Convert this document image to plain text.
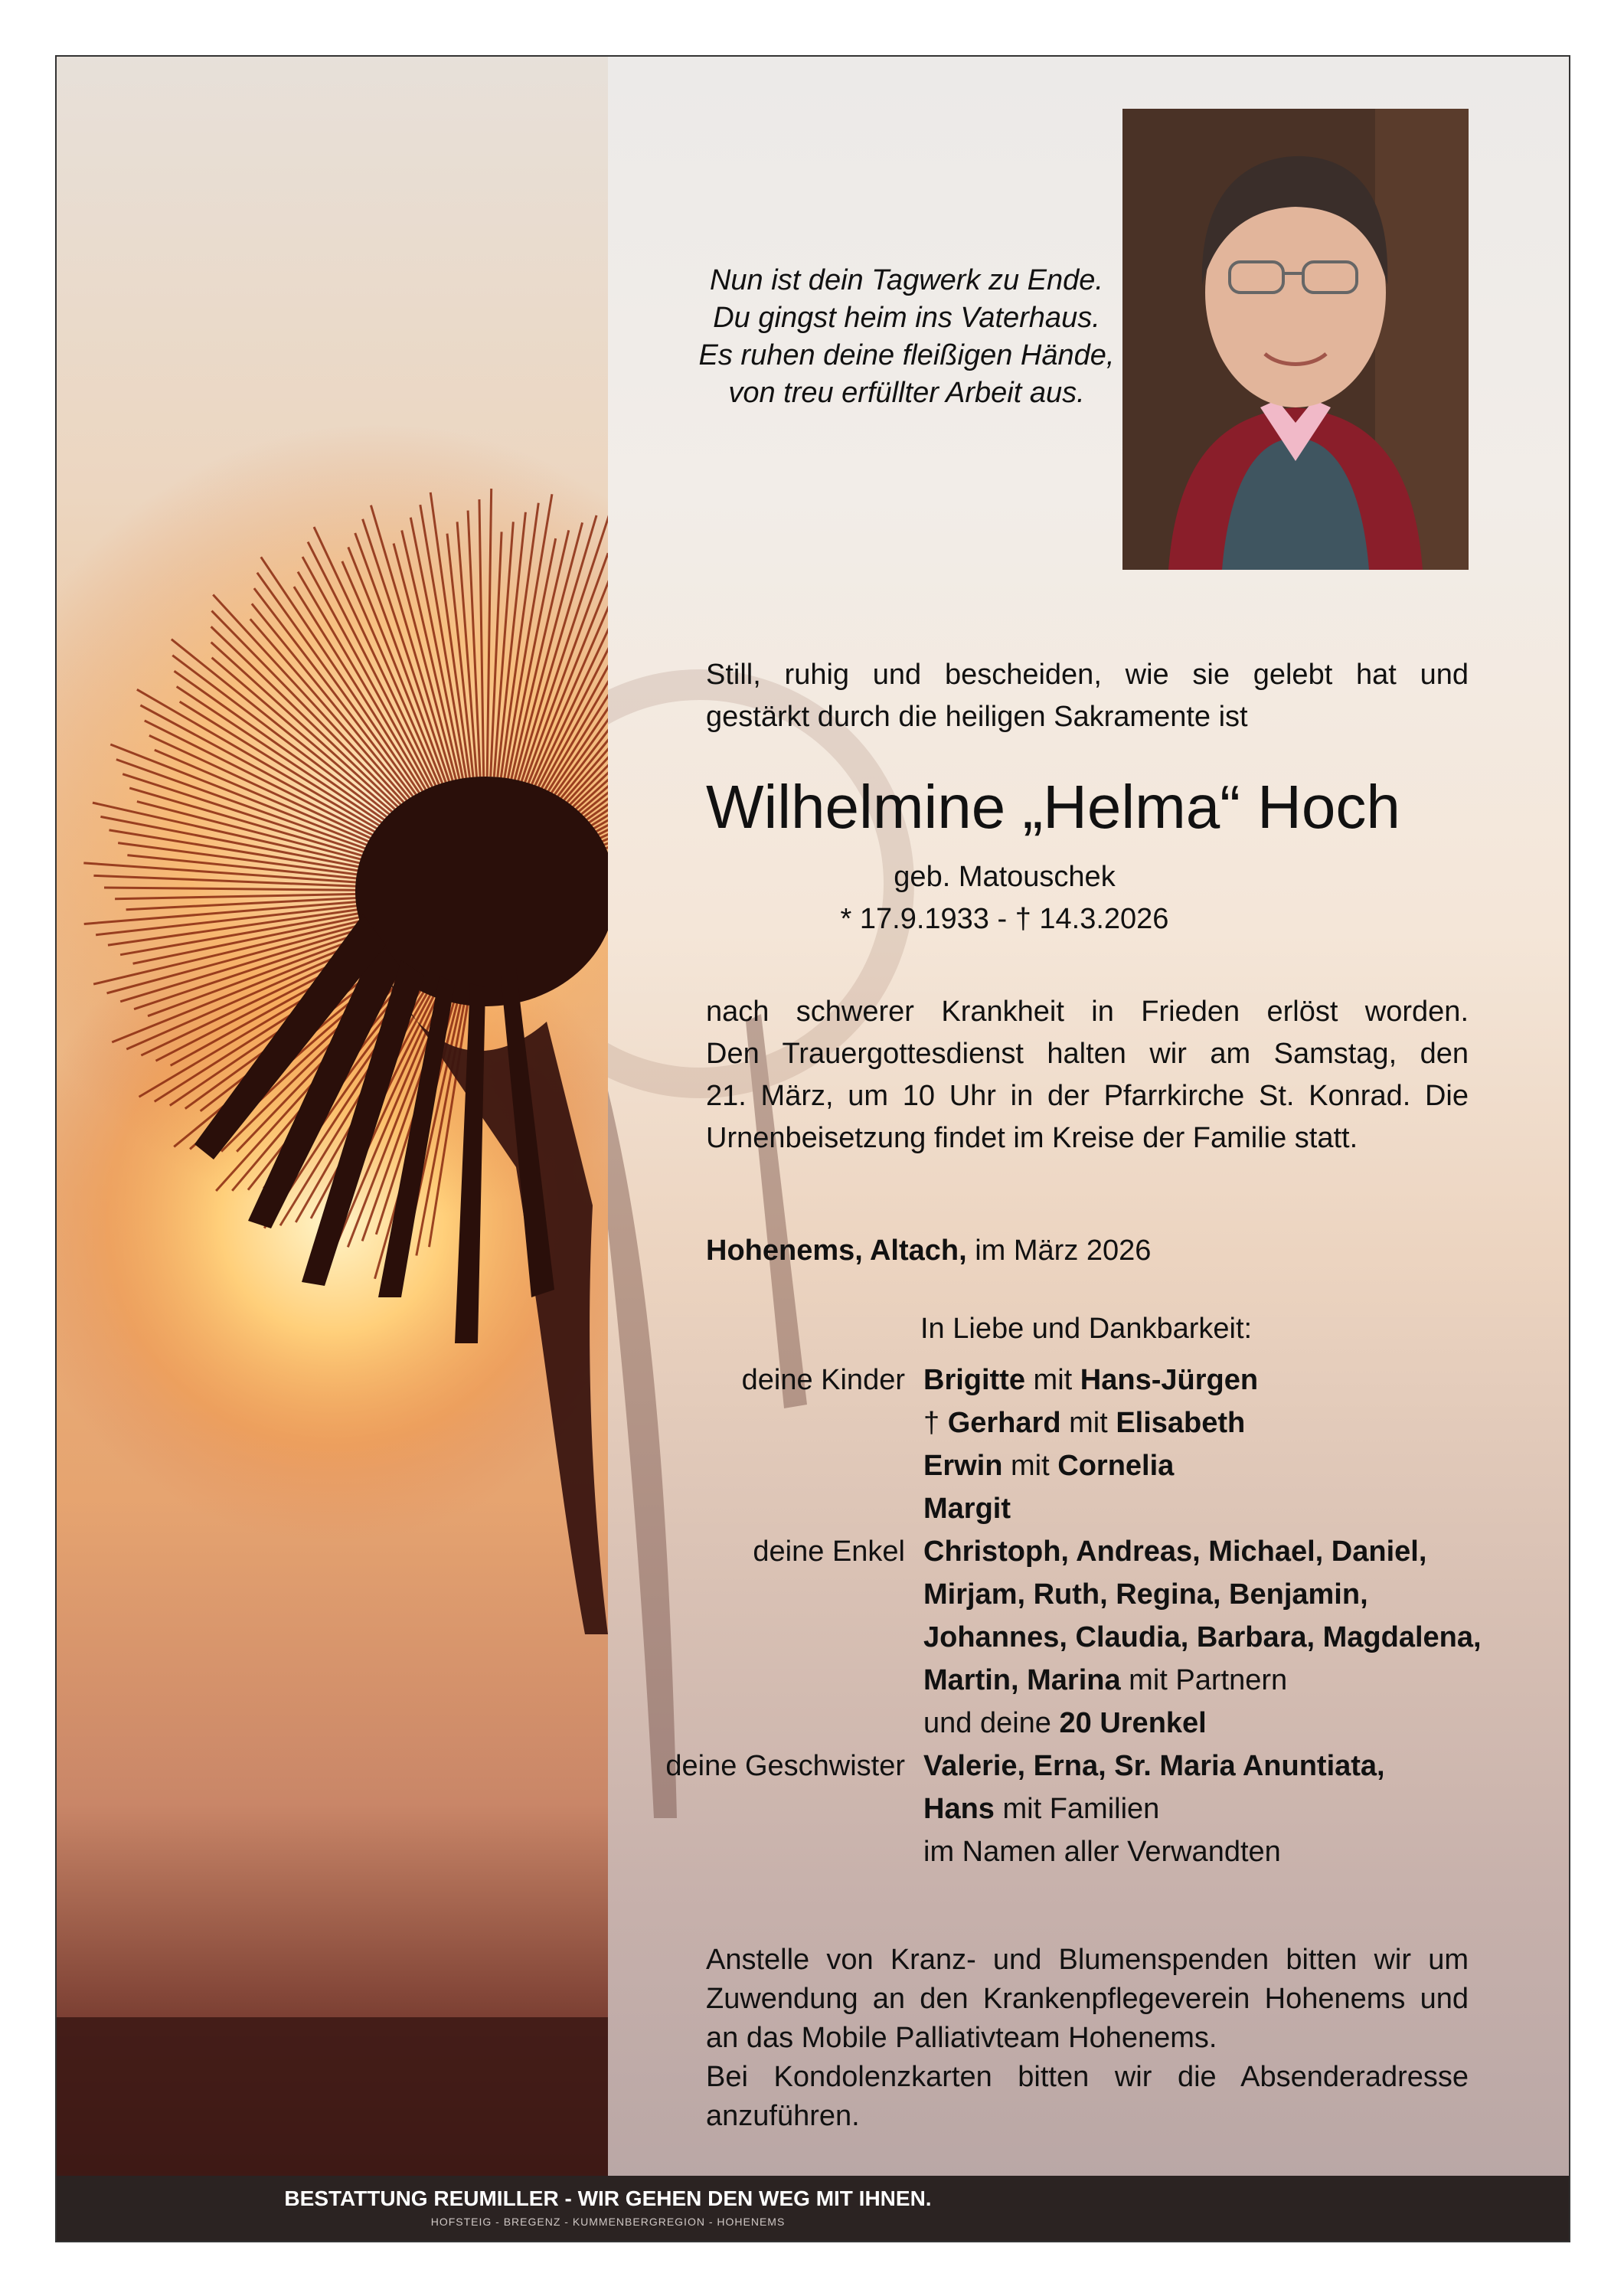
Nun ist dein Tagwerk zu Ende.
Du gingst heim ins Vaterhaus.
Es ruhen deine fleißigen Hände,
von treu erfüllter Arbeit aus.
Still, ruhig und bescheiden, wie sie gelebt hat und
gestärkt durch die heiligen Sakramente ist
Wilhelmine „Helma“ Hoch
geb. Matouschek
* 17.9.1933 - † 14.3.2026
nach schwerer Krankheit in Frieden erlöst worden.
Den Trauergottesdienst halten wir am Samstag, den
21. März, um 10 Uhr in der Pfarrkirche St. Konrad. Die
Urnenbeisetzung findet im Kreise der Familie statt.
Hohenems, Altach, im März 2026
In Liebe und Dankbarkeit:
deine Kinder Brigitte mit Hans-Jürgen
† Gerhard mit Elisabeth
Erwin mit Cornelia
Margit
deine Enkel Christoph, Andreas, Michael, Daniel,
Mirjam, Ruth, Regina, Benjamin,
Johannes, Claudia, Barbara, Magdalena,
Martin, Marina mit Partnern
und deine 20 Urenkel
deine Geschwister Valerie, Erna, Sr. Maria Anuntiata,
Hans mit Familien
im Namen aller Verwandten
Anstelle von Kranz- und Blumenspenden bitten wir um
Zuwendung an den Krankenpflegeverein Hohenems und
an das Mobile Palliativteam Hohenems.
Bei Kondolenzkarten bitten wir die Absenderadresse
anzuführen.
BESTATTUNG REUMILLER - WIR GEHEN DEN WEG MIT IHNEN.
HOFSTEIG - BREGENZ - KUMMENBERGREGION - HOHENEMS
